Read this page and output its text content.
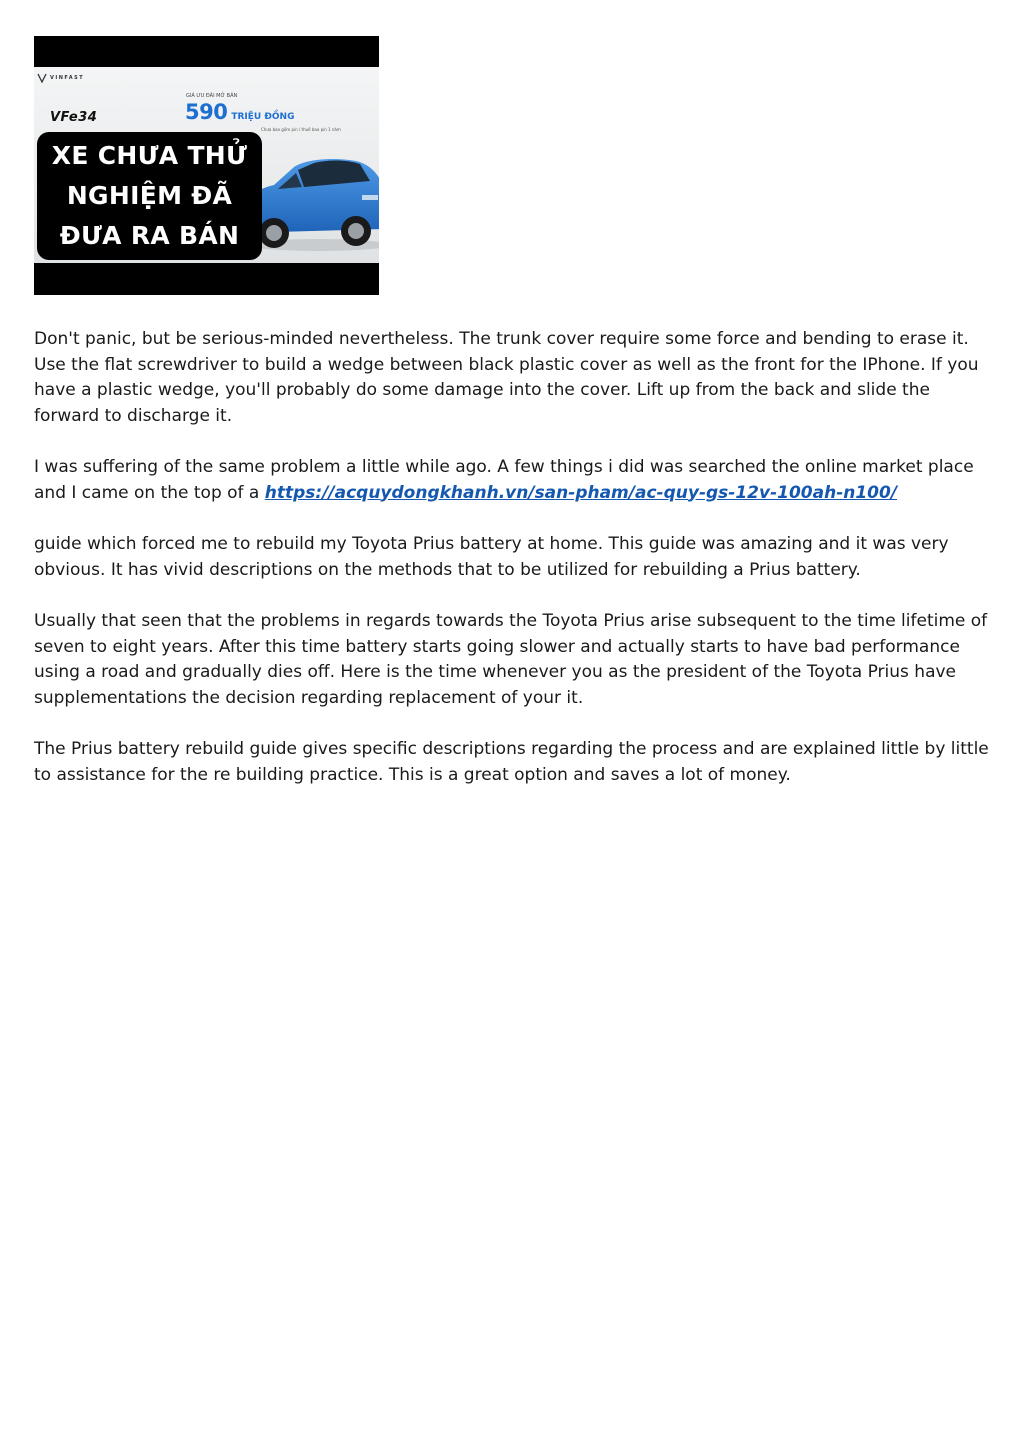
VINFAST
VFe34
GIÁ ƯU ĐÃI MỞ BÁN
590 TRIỆU ĐỒNG
Chưa bao gồm pin / thuê bao pin 1 năm
XE CHƯA THỬ
NGHIỆM ĐÃ
ĐƯA RA BÁN

Don't panic, but be serious-minded nevertheless. The trunk cover require some force and bending to erase it. Use the flat screwdriver to build a wedge between black plastic cover as well as the front for the IPhone. If you have a plastic wedge, you'll probably do some damage into the cover. Lift up from the back and slide the forward to discharge it.

I was suffering of the same problem a little while ago. A few things i did was searched the online market place and I came on the top of a https://acquydongkhanh.vn/san-pham/ac-quy-gs-12v-100ah-n100/

guide which forced me to rebuild my Toyota Prius battery at home. This guide was amazing and it was very obvious. It has vivid descriptions on the methods that to be utilized for rebuilding a Prius battery.

Usually that seen that the problems in regards towards the Toyota Prius arise subsequent to the time lifetime of seven to eight years. After this time battery starts going slower and actually starts to have bad performance using a road and gradually dies off. Here is the time whenever you as the president of the Toyota Prius have supplementations the decision regarding replacement of your it.

The Prius battery rebuild guide gives specific descriptions regarding the process and are explained little by little to assistance for the re building practice. This is a great option and saves a lot of money.
